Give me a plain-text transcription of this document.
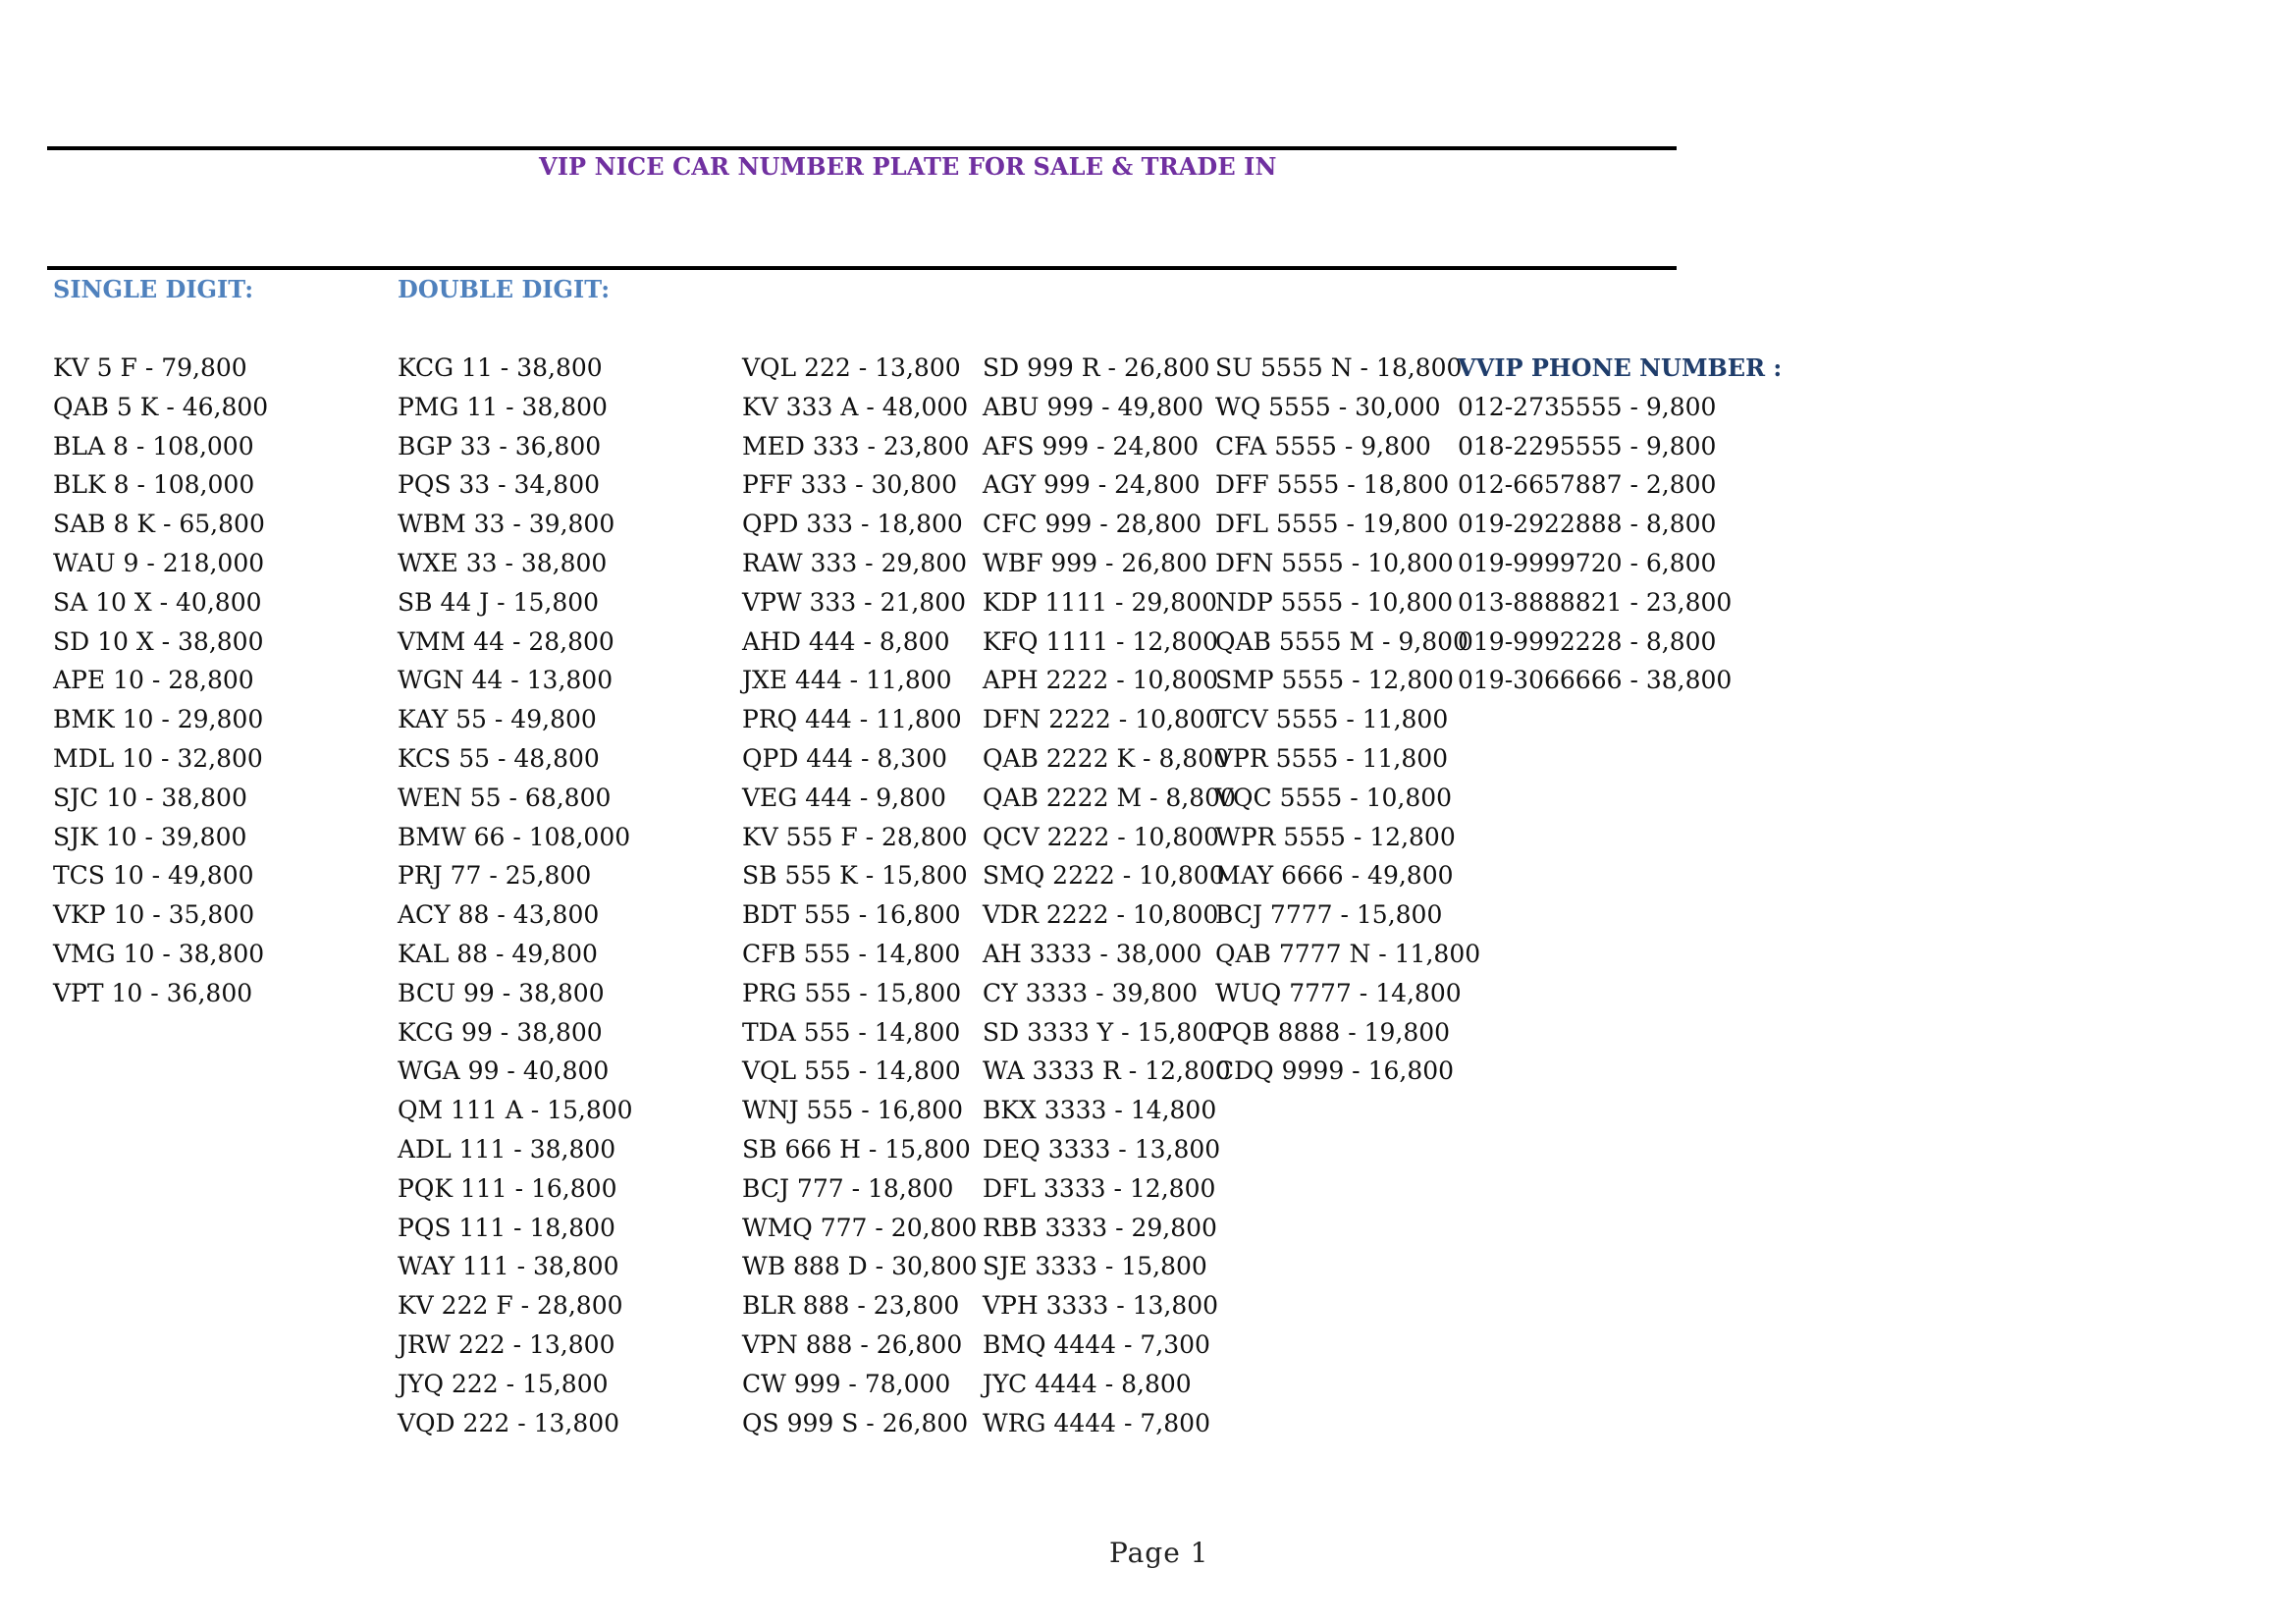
VIP NICE CAR NUMBER PLATE FOR SALE & TRADE IN
SINGLE DIGIT:	DOUBLE DIGIT:
KV 5 F - 79,800
QAB 5 K - 46,800
BLA 8 - 108,000
BLK 8 - 108,000
SAB 8 K - 65,800
WAU 9 - 218,000
SA 10 X - 40,800
SD 10 X - 38,800
APE 10 - 28,800
BMK 10 - 29,800
MDL 10 - 32,800
SJC 10 - 38,800
SJK 10 - 39,800
TCS 10 - 49,800
VKP 10 - 35,800
VMG 10 - 38,800
VPT 10 - 36,800
KCG 11 - 38,800
PMG 11 - 38,800
BGP 33 - 36,800
PQS 33 - 34,800
WBM 33 - 39,800
WXE 33 - 38,800
SB 44 J - 15,800
VMM 44 - 28,800
WGN 44 - 13,800
KAY 55 - 49,800
KCS 55 - 48,800
WEN 55 - 68,800
BMW 66 - 108,000
PRJ 77 - 25,800
ACY 88 - 43,800
KAL 88 - 49,800
BCU 99 - 38,800
KCG 99 - 38,800
WGA 99 - 40,800
QM 111 A - 15,800
ADL 111 - 38,800
PQK 111 - 16,800
PQS 111 - 18,800
WAY 111 - 38,800
KV 222 F - 28,800
JRW 222 - 13,800
JYQ 222 - 15,800
VQD 222 - 13,800
VQL 222 - 13,800
KV 333 A - 48,000
MED 333 - 23,800
PFF 333 - 30,800
QPD 333 - 18,800
RAW 333 - 29,800
VPW 333 - 21,800
AHD 444 - 8,800
JXE 444 - 11,800
PRQ 444 - 11,800
QPD 444 - 8,300
VEG 444 - 9,800
KV 555 F - 28,800
SB 555 K - 15,800
BDT 555 - 16,800
CFB 555 - 14,800
PRG 555 - 15,800
TDA 555 - 14,800
VQL 555 - 14,800
WNJ 555 - 16,800
SB 666 H - 15,800
BCJ 777 - 18,800
WMQ 777 - 20,800
WB 888 D - 30,800
BLR 888 - 23,800
VPN 888 - 26,800
CW 999 - 78,000
QS 999 S - 26,800
SD 999 R - 26,800
ABU 999 - 49,800
AFS 999 - 24,800
AGY 999 - 24,800
CFC 999 - 28,800
WBF 999 - 26,800
KDP 1111 - 29,800
KFQ 1111 - 12,800
APH 2222 - 10,800
DFN 2222 - 10,800
QAB 2222 K - 8,800
QAB 2222 M - 8,800
QCV 2222 - 10,800
SMQ 2222 - 10,800
VDR 2222 - 10,800
AH 3333 - 38,000
CY 3333 - 39,800
SD 3333 Y - 15,800
WA 3333 R - 12,800
BKX 3333 - 14,800
DEQ 3333 - 13,800
DFL 3333 - 12,800
RBB 3333 - 29,800
SJE 3333 - 15,800
VPH 3333 - 13,800
BMQ 4444 - 7,300
JYC 4444 - 8,800
WRG 4444 - 7,800
SU 5555 N - 18,800
WQ 5555 - 30,000
CFA 5555 - 9,800
DFF 5555 - 18,800
DFL 5555 - 19,800
DFN 5555 - 10,800
NDP 5555 - 10,800
QAB 5555 M - 9,800
SMP 5555 - 12,800
TCV 5555 - 11,800
VPR 5555 - 11,800
VQC 5555 - 10,800
WPR 5555 - 12,800
MAY 6666 - 49,800
BCJ 7777 - 15,800
QAB 7777 N - 11,800
WUQ 7777 - 14,800
PQB 8888 - 19,800
CDQ 9999 - 16,800
VVIP PHONE NUMBER :
012-2735555 - 9,800
018-2295555 - 9,800
012-6657887 - 2,800
019-2922888 - 8,800
019-9999720 - 6,800
013-8888821 - 23,800
019-9992228 - 8,800
019-3066666 - 38,800
Page 1
